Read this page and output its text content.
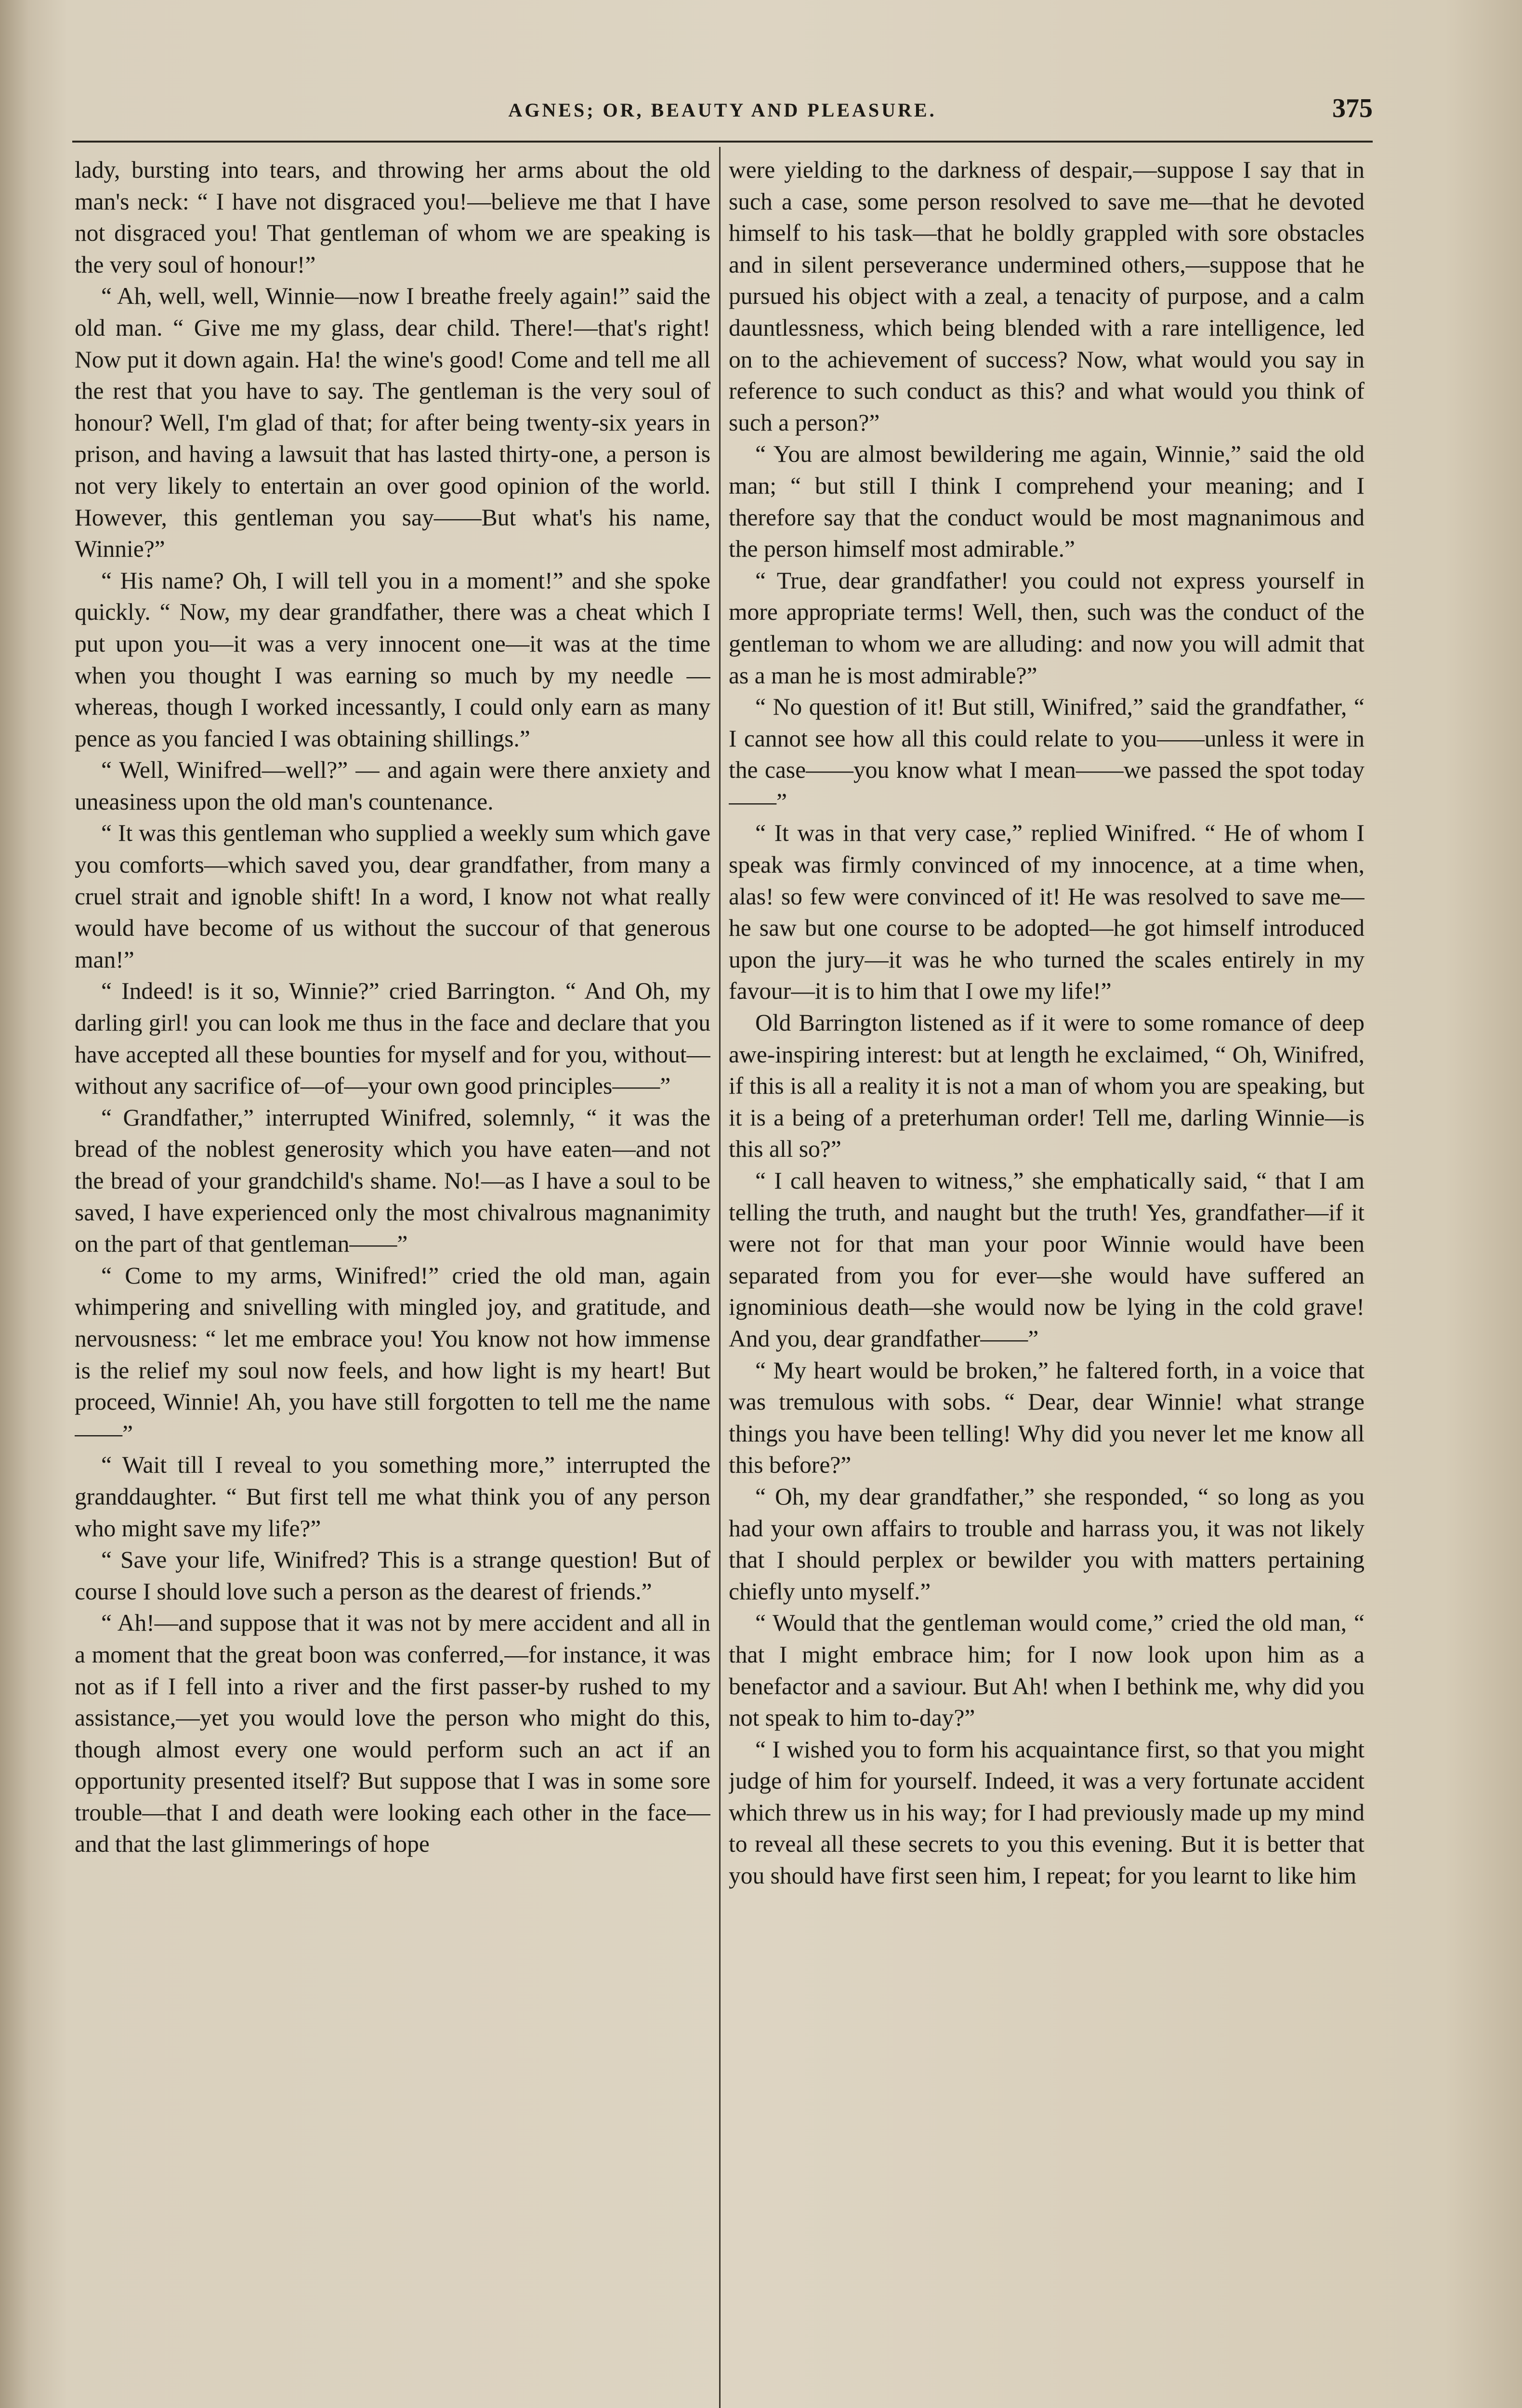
AGNES; OR, BEAUTY AND PLEASURE.	375

lady, bursting into tears, and throwing her arms about the old man's neck: “ I have not disgraced you!—believe me that I have not disgraced you! That gentleman of whom we are speaking is the very soul of honour!”

“ Ah, well, well, Winnie—now I breathe freely again!” said the old man. “ Give me my glass, dear child. There!—that's right! Now put it down again. Ha! the wine's good! Come and tell me all the rest that you have to say. The gentleman is the very soul of honour? Well, I'm glad of that; for after being twenty-six years in prison, and having a lawsuit that has lasted thirty-one, a person is not very likely to entertain an over good opinion of the world. However, this gentleman you say——But what's his name, Winnie?”

“ His name? Oh, I will tell you in a moment!” and she spoke quickly. “ Now, my dear grandfather, there was a cheat which I put upon you—it was a very innocent one—it was at the time when you thought I was earning so much by my needle — whereas, though I worked incessantly, I could only earn as many pence as you fancied I was obtaining shillings.”

“ Well, Winifred—well?” — and again were there anxiety and uneasiness upon the old man's countenance.

“ It was this gentleman who supplied a weekly sum which gave you comforts—which saved you, dear grandfather, from many a cruel strait and ignoble shift! In a word, I know not what really would have become of us without the succour of that generous man!”

“ Indeed! is it so, Winnie?” cried Barrington. “ And Oh, my darling girl! you can look me thus in the face and declare that you have accepted all these bounties for myself and for you, without—without any sacrifice of—of—your own good principles——”

“ Grandfather,” interrupted Winifred, solemnly, “ it was the bread of the noblest generosity which you have eaten—and not the bread of your grandchild's shame. No!—as I have a soul to be saved, I have experienced only the most chivalrous magnanimity on the part of that gentleman——”

“ Come to my arms, Winifred!” cried the old man, again whimpering and snivelling with mingled joy, and gratitude, and nervousness: “ let me embrace you! You know not how immense is the relief my soul now feels, and how light is my heart! But proceed, Winnie! Ah, you have still forgotten to tell me the name——”

“ Wait till I reveal to you something more,” interrupted the granddaughter. “ But first tell me what think you of any person who might save my life?”

“ Save your life, Winifred? This is a strange question! But of course I should love such a person as the dearest of friends.”

“ Ah!—and suppose that it was not by mere accident and all in a moment that the great boon was conferred,—for instance, it was not as if I fell into a river and the first passer-by rushed to my assistance,—yet you would love the person who might do this, though almost every one would perform such an act if an opportunity presented itself? But suppose that I was in some sore trouble—that I and death were looking each other in the face—and that the last glimmerings of hope

were yielding to the darkness of despair,—suppose I say that in such a case, some person resolved to save me—that he devoted himself to his task—that he boldly grappled with sore obstacles and in silent perseverance undermined others,—suppose that he pursued his object with a zeal, a tenacity of purpose, and a calm dauntlessness, which being blended with a rare intelligence, led on to the achievement of success? Now, what would you say in reference to such conduct as this? and what would you think of such a person?”

“ You are almost bewildering me again, Winnie,” said the old man; “ but still I think I comprehend your meaning; and I therefore say that the conduct would be most magnanimous and the person himself most admirable.”

“ True, dear grandfather! you could not express yourself in more appropriate terms! Well, then, such was the conduct of the gentleman to whom we are alluding: and now you will admit that as a man he is most admirable?”

“ No question of it! But still, Winifred,” said the grandfather, “ I cannot see how all this could relate to you——unless it were in the case——you know what I mean——we passed the spot today——”

“ It was in that very case,” replied Winifred. “ He of whom I speak was firmly convinced of my innocence, at a time when, alas! so few were convinced of it! He was resolved to save me—he saw but one course to be adopted—he got himself introduced upon the jury—it was he who turned the scales entirely in my favour—it is to him that I owe my life!”

Old Barrington listened as if it were to some romance of deep awe-inspiring interest: but at length he exclaimed, “ Oh, Winifred, if this is all a reality it is not a man of whom you are speaking, but it is a being of a preterhuman order! Tell me, darling Winnie—is this all so?”

“ I call heaven to witness,” she emphatically said, “ that I am telling the truth, and naught but the truth! Yes, grandfather—if it were not for that man your poor Winnie would have been separated from you for ever—she would have suffered an ignominious death—she would now be lying in the cold grave! And you, dear grandfather——”

“ My heart would be broken,” he faltered forth, in a voice that was tremulous with sobs. “ Dear, dear Winnie! what strange things you have been telling! Why did you never let me know all this before?”

“ Oh, my dear grandfather,” she responded, “ so long as you had your own affairs to trouble and harrass you, it was not likely that I should perplex or bewilder you with matters pertaining chiefly unto myself.”

“ Would that the gentleman would come,” cried the old man, “ that I might embrace him; for I now look upon him as a benefactor and a saviour. But Ah! when I bethink me, why did you not speak to him to-day?”

“ I wished you to form his acquaintance first, so that you might judge of him for yourself. Indeed, it was a very fortunate accident which threw us in his way; for I had previously made up my mind to reveal all these secrets to you this evening. But it is better that you should have first seen him, I repeat; for you learnt to like him
